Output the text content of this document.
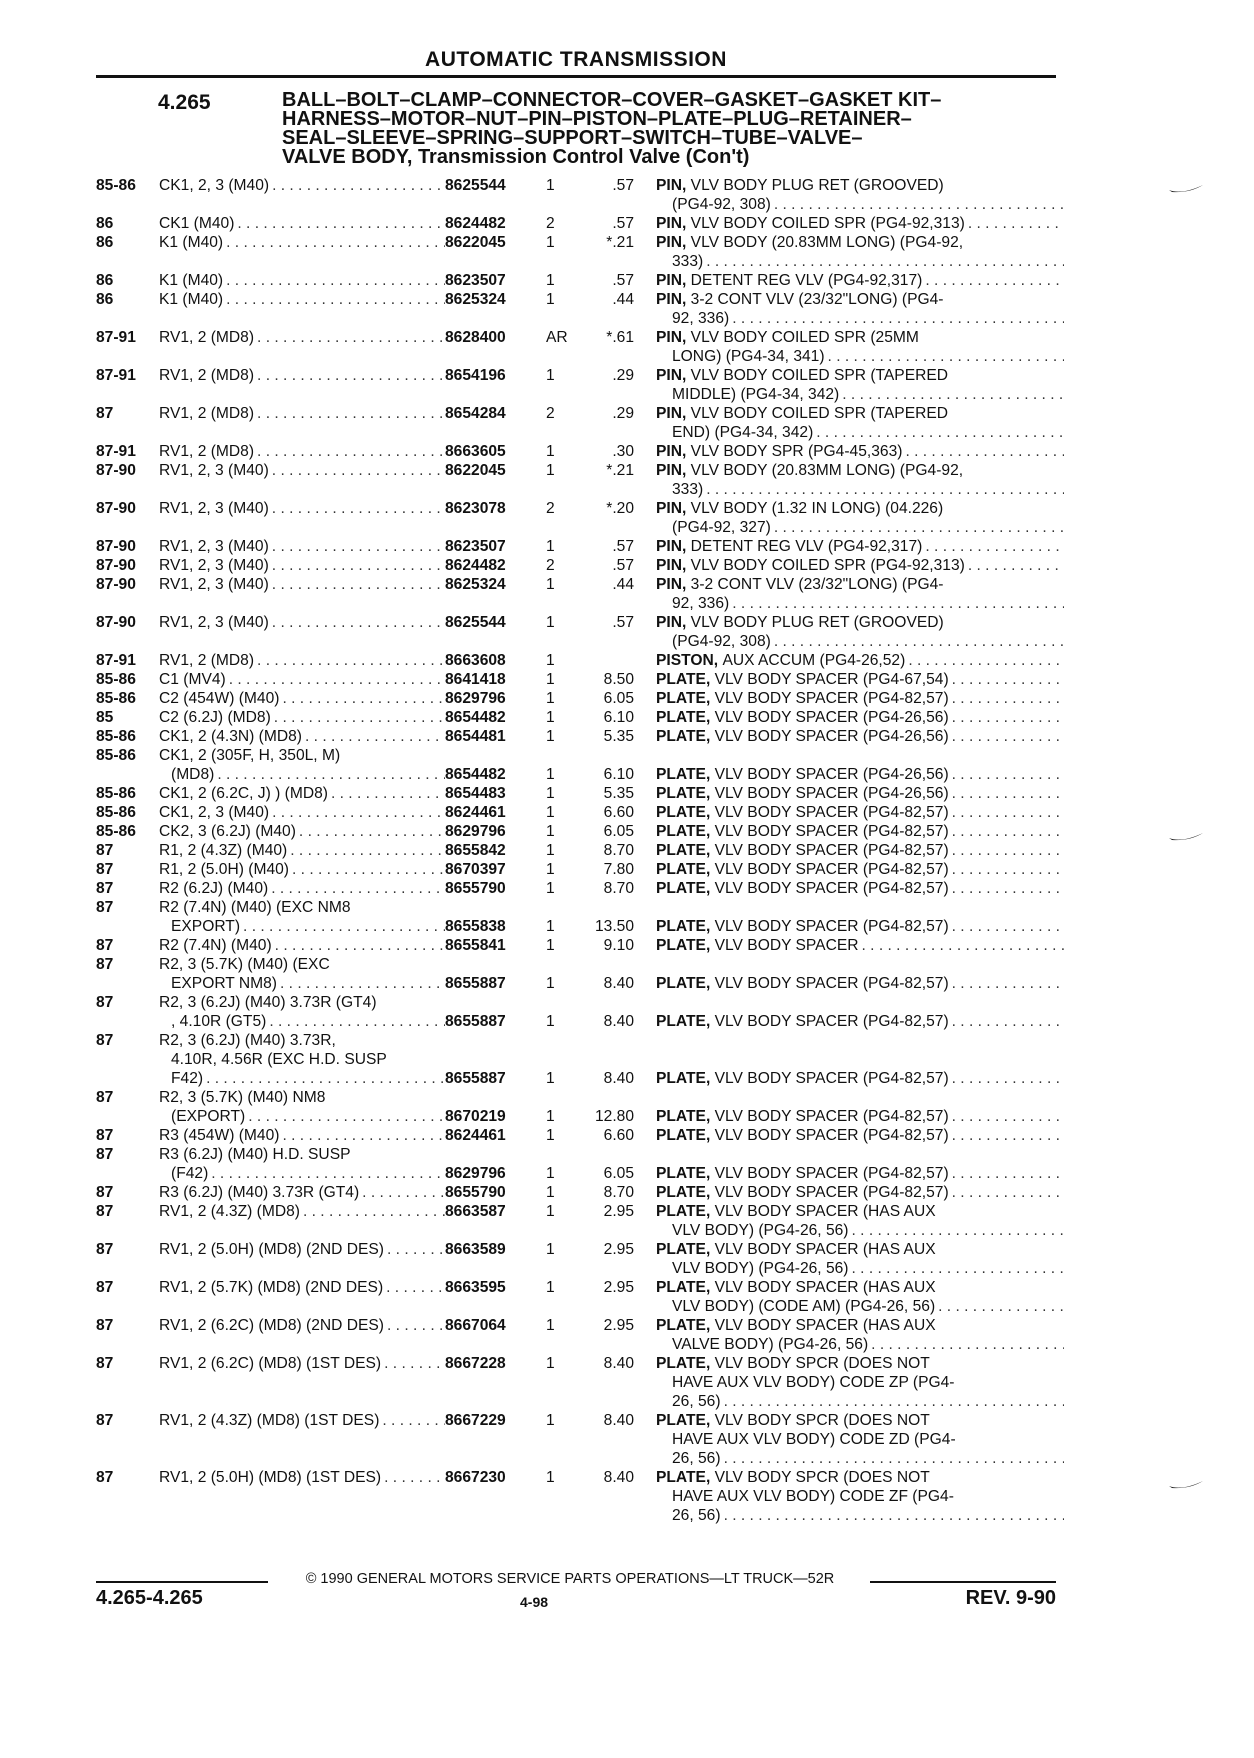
AUTOMATIC TRANSMISSION
4.265	BALL–BOLT–CLAMP–CONNECTOR–COVER–GASKET–GASKET KIT–
HARNESS–MOTOR–NUT–PIN–PISTON–PLATE–PLUG–RETAINER–
SEAL–SLEEVE–SPRING–SUPPORT–SWITCH–TUBE–VALVE–
VALVE BODY, Transmission Control Valve (Con't)
85-86	CK1, 2, 3 (M40) . . .	8625544	1	.57	PIN,
VLV BODY PLUG RET (GROOVED)
(PG4-92, 308)
. . .
86	CK1 (M40) . . .	8624482	2	.57	PIN,
VLV BODY COILED SPR (PG4-92,313)
. . .
86	K1 (M40) . . .	8622045	1	*.21	PIN,
VLV BODY (20.83MM LONG) (PG4-92,
333)
. . .
86	K1 (M40) . . .	8623507	1	.57	PIN,
DETENT REG VLV (PG4-92,317)
. . .
86	K1 (M40) . . .	8625324	1	.44	PIN,
3-2 CONT VLV (23/32"LONG) (PG4-
92, 336)
. . .
87-91	RV1, 2 (MD8) . . .	8628400	AR	*.61	PIN,
VLV BODY COILED SPR (25MM
LONG) (PG4-34, 341)
. . .
87-91	RV1, 2 (MD8) . . .	8654196	1	.29	PIN,
VLV BODY COILED SPR (TAPERED
MIDDLE) (PG4-34, 342)
. . .
87	RV1, 2 (MD8) . . .	8654284	2	.29	PIN,
VLV BODY COILED SPR (TAPERED
END) (PG4-34, 342)
. . .
87-91	RV1, 2 (MD8) . . .	8663605	1	.30	PIN,
VLV BODY SPR (PG4-45,363)
. . .
87-90	RV1, 2, 3 (M40) . . .	8622045	1	*.21	PIN,
VLV BODY (20.83MM LONG) (PG4-92,
333)
. . .
87-90	RV1, 2, 3 (M40) . . .	8623078	2	*.20	PIN,
VLV BODY (1.32 IN LONG) (04.226)
(PG4-92, 327)
. . .
87-90	RV1, 2, 3 (M40) . . .	8623507	1	.57	PIN,
DETENT REG VLV (PG4-92,317)
. . .
87-90	RV1, 2, 3 (M40) . . .	8624482	2	.57	PIN,
VLV BODY COILED SPR (PG4-92,313)
. . .
87-90	RV1, 2, 3 (M40) . . .	8625324	1	.44	PIN,
3-2 CONT VLV (23/32"LONG) (PG4-
92, 336)
. . .
87-90	RV1, 2, 3 (M40) . . .	8625544	1	.57	PIN,
VLV BODY PLUG RET (GROOVED)
(PG4-92, 308)
. . .
87-91	RV1, 2 (MD8) . . .	8663608	1	PISTON,
AUX ACCUM (PG4-26,52)
. . .
85-86	C1 (MV4) . . .	8641418	1	8.50	PLATE,
VLV BODY SPACER (PG4-67,54)
. . .
85-86	C2 (454W) (M40) . . .	8629796	1	6.05	PLATE,
VLV BODY SPACER (PG4-82,57)
. . .
85	C2 (6.2J) (MD8) . . .	8654482	1	6.10	PLATE,
VLV BODY SPACER (PG4-26,56)
. . .
85-86	CK1, 2 (4.3N) (MD8) . . .	8654481	1	5.35	PLATE,
VLV BODY SPACER (PG4-26,56)
. . .
85-86	CK1, 2 (305F, H, 350L, M)
(MD8) . . .	8654482	1	6.10	PLATE,
VLV BODY SPACER (PG4-26,56)
. . .
85-86	CK1, 2 (6.2C, J) ) (MD8) . . .	8654483	1	5.35	PLATE,
VLV BODY SPACER (PG4-26,56)
. . .
85-86	CK1, 2, 3 (M40) . . .	8624461	1	6.60	PLATE,
VLV BODY SPACER (PG4-82,57)
. . .
85-86	CK2, 3 (6.2J) (M40) . . .	8629796	1	6.05	PLATE,
VLV BODY SPACER (PG4-82,57)
. . .
87	R1, 2 (4.3Z) (M40) . . .	8655842	1	8.70	PLATE,
VLV BODY SPACER (PG4-82,57)
. . .
87	R1, 2 (5.0H) (M40) . . .	8670397	1	7.80	PLATE,
VLV BODY SPACER (PG4-82,57)
. . .
87	R2 (6.2J) (M40) . . .	8655790	1	8.70	PLATE,
VLV BODY SPACER (PG4-82,57)
. . .
87	R2 (7.4N) (M40) (EXC NM8
EXPORT) . . .	8655838	1	13.50	PLATE,
VLV BODY SPACER (PG4-82,57)
. . .
87	R2 (7.4N) (M40) . . .	8655841	1	9.10	PLATE,
VLV BODY SPACER
. . .
87	R2, 3 (5.7K) (M40) (EXC
EXPORT NM8) . . .	8655887	1	8.40	PLATE,
VLV BODY SPACER (PG4-82,57)
. . .
87	R2, 3 (6.2J) (M40) 3.73R (GT4)
, 4.10R (GT5) . . .	8655887	1	8.40	PLATE,
VLV BODY SPACER (PG4-82,57)
. . .
87	R2, 3 (6.2J) (M40) 3.73R,
4.10R, 4.56R (EXC H.D. SUSP
F42) . . .	8655887	1	8.40	PLATE,
VLV BODY SPACER (PG4-82,57)
. . .
87	R2, 3 (5.7K) (M40) NM8
(EXPORT) . . .	8670219	1	12.80	PLATE,
VLV BODY SPACER (PG4-82,57)
. . .
87	R3 (454W) (M40) . . .	8624461	1	6.60	PLATE,
VLV BODY SPACER (PG4-82,57)
. . .
87	R3 (6.2J) (M40) H.D. SUSP
(F42) . . .	8629796	1	6.05	PLATE,
VLV BODY SPACER (PG4-82,57)
. . .
87	R3 (6.2J) (M40) 3.73R (GT4) . . .	8655790	1	8.70	PLATE,
VLV BODY SPACER (PG4-82,57)
. . .
87	RV1, 2 (4.3Z) (MD8) . . .	8663587	1	2.95	PLATE,
VLV BODY SPACER (HAS AUX
VLV BODY) (PG4-26, 56)
. . .
87	RV1, 2 (5.0H) (MD8) (2ND DES) . . .	8663589	1	2.95	PLATE,
VLV BODY SPACER (HAS AUX
VLV BODY) (PG4-26, 56)
. . .
87	RV1, 2 (5.7K) (MD8) (2ND DES) . . .	8663595	1	2.95	PLATE,
VLV BODY SPACER (HAS AUX
VLV BODY) (CODE AM) (PG4-26, 56)
. . .
87	RV1, 2 (6.2C) (MD8) (2ND DES) . . .	8667064	1	2.95	PLATE,
VLV BODY SPACER (HAS AUX
VALVE BODY) (PG4-26, 56)
. . .
87	RV1, 2 (6.2C) (MD8) (1ST DES) . . .	8667228	1	8.40	PLATE,
VLV BODY SPCR (DOES NOT
HAVE AUX VLV BODY) CODE ZP (PG4-
26, 56)
. . .
87	RV1, 2 (4.3Z) (MD8) (1ST DES) . . .	8667229	1	8.40	PLATE,
VLV BODY SPCR (DOES NOT
HAVE AUX VLV BODY) CODE ZD (PG4-
26, 56)
. . .
87	RV1, 2 (5.0H) (MD8) (1ST DES) . . .	8667230	1	8.40	PLATE,
VLV BODY SPCR (DOES NOT
HAVE AUX VLV BODY) CODE ZF (PG4-
26, 56)
. . .
© 1990 GENERAL MOTORS SERVICE PARTS OPERATIONS—LT TRUCK—52R
4.265-4.265	4-98	REV. 9-90
